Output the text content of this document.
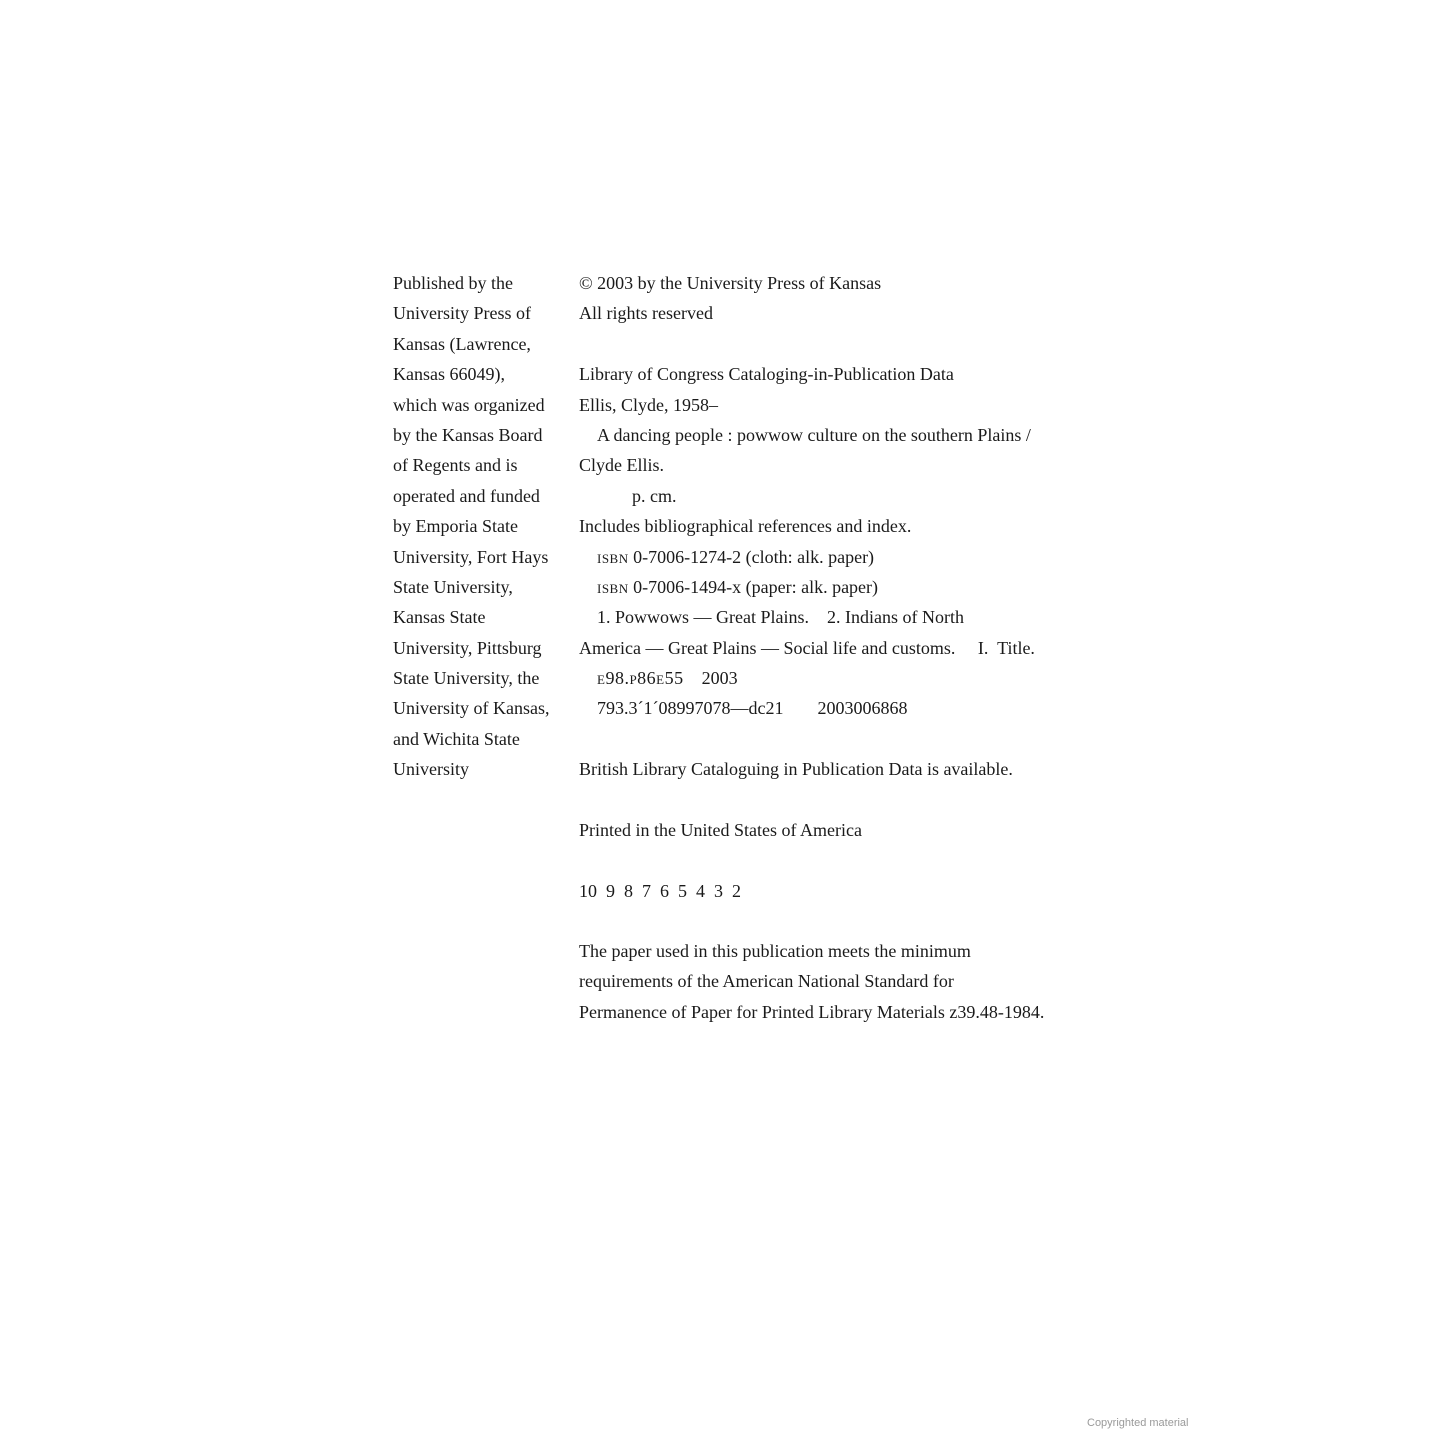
Published by the
University Press of
Kansas (Lawrence,
Kansas 66049),
which was organized
by the Kansas Board
of Regents and is
operated and funded
by Emporia State
University, Fort Hays
State University,
Kansas State
University, Pittsburg
State University, the
University of Kansas,
and Wichita State
University
© 2003 by the University Press of Kansas
All rights reserved
Library of Congress Cataloging-in-Publication Data
Ellis, Clyde, 1958–
A dancing people : powwow culture on the southern Plains /
Clyde Ellis.
p. cm.
Includes bibliographical references and index.
isbn 0-7006-1274-2 (cloth: alk. paper)
isbn 0-7006-1494-x (paper: alk. paper)
1. Powwows — Great Plains. 2. Indians of North
America — Great Plains — Social life and customs.     I.  Title.
e98.p86e55 2003
793.3´1´08997078—dc21 2003006868
British Library Cataloguing in Publication Data is available.
Printed in the United States of America
10  9  8  7  6  5  4  3  2
The paper used in this publication meets the minimum
requirements of the American National Standard for
Permanence of Paper for Printed Library Materials z39.48-1984.
Copyrighted material
